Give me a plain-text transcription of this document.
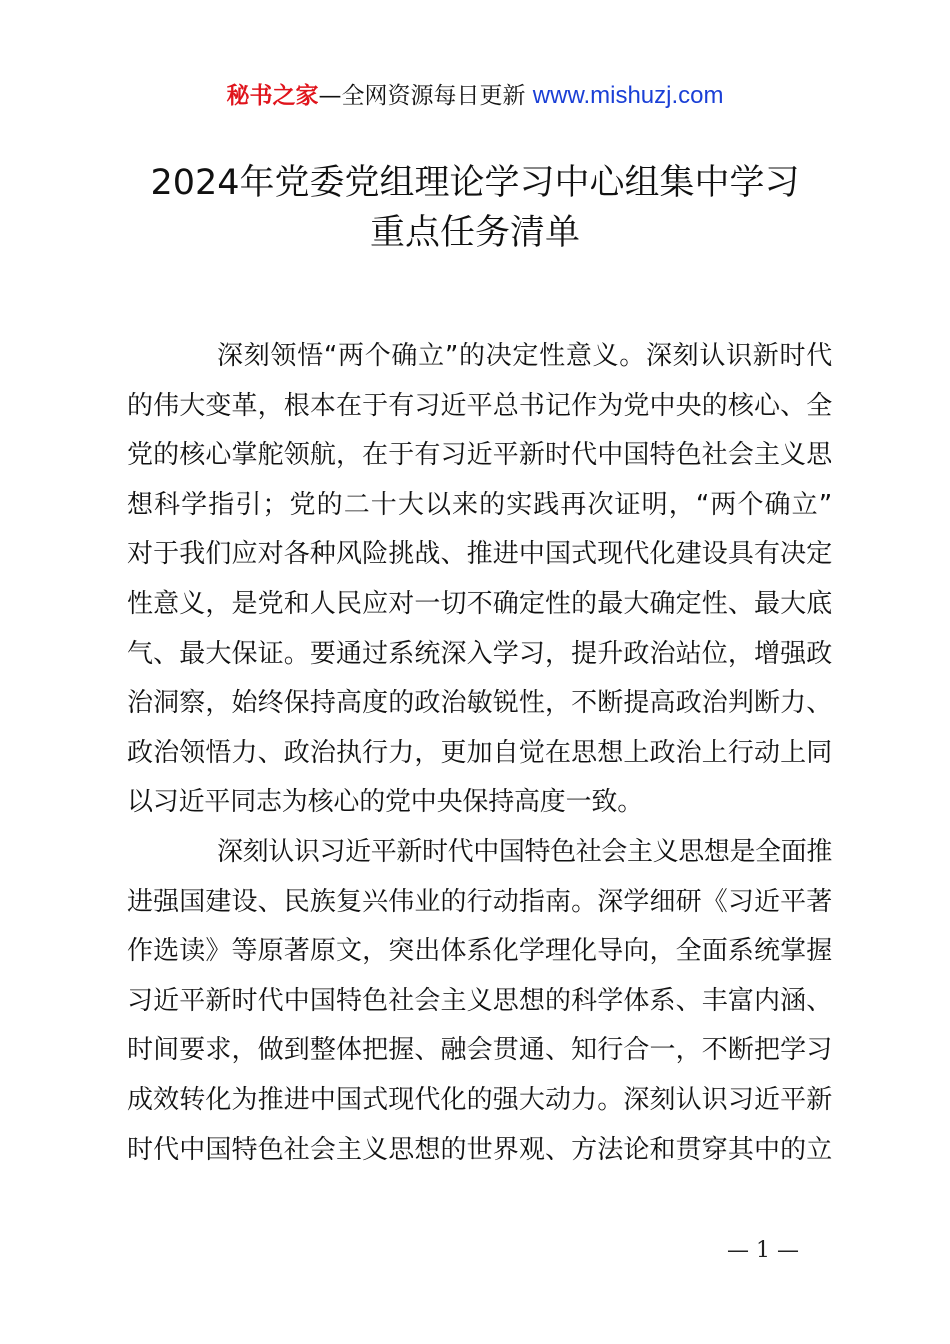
秘书之家—全网资源每日更新 www.mishuzj.com
2024年党委党组理论学习中心组集中学习
重点任务清单
深刻领悟“两个确立”的决定性意义。深刻认识新时代
的伟大变革，根本在于有习近平总书记作为党中央的核心、全
党的核心掌舵领航，在于有习近平新时代中国特色社会主义思
想科学指引；党的二十大以来的实践再次证明，“两个确立”
对于我们应对各种风险挑战、推进中国式现代化建设具有决定
性意义，是党和人民应对一切不确定性的最大确定性、最大底
气、最大保证。要通过系统深入学习，提升政治站位，增强政
治洞察，始终保持高度的政治敏锐性，不断提高政治判断力、
政治领悟力、政治执行力，更加自觉在思想上政治上行动上同
以习近平同志为核心的党中央保持高度一致。
深刻认识习近平新时代中国特色社会主义思想是全面推
进强国建设、民族复兴伟业的行动指南。深学细研《习近平著
作选读》等原著原文，突出体系化学理化导向，全面系统掌握
习近平新时代中国特色社会主义思想的科学体系、丰富内涵、
时间要求，做到整体把握、融会贯通、知行合一，不断把学习
成效转化为推进中国式现代化的强大动力。深刻认识习近平新
时代中国特色社会主义思想的世界观、方法论和贯穿其中的立
— 1 —
